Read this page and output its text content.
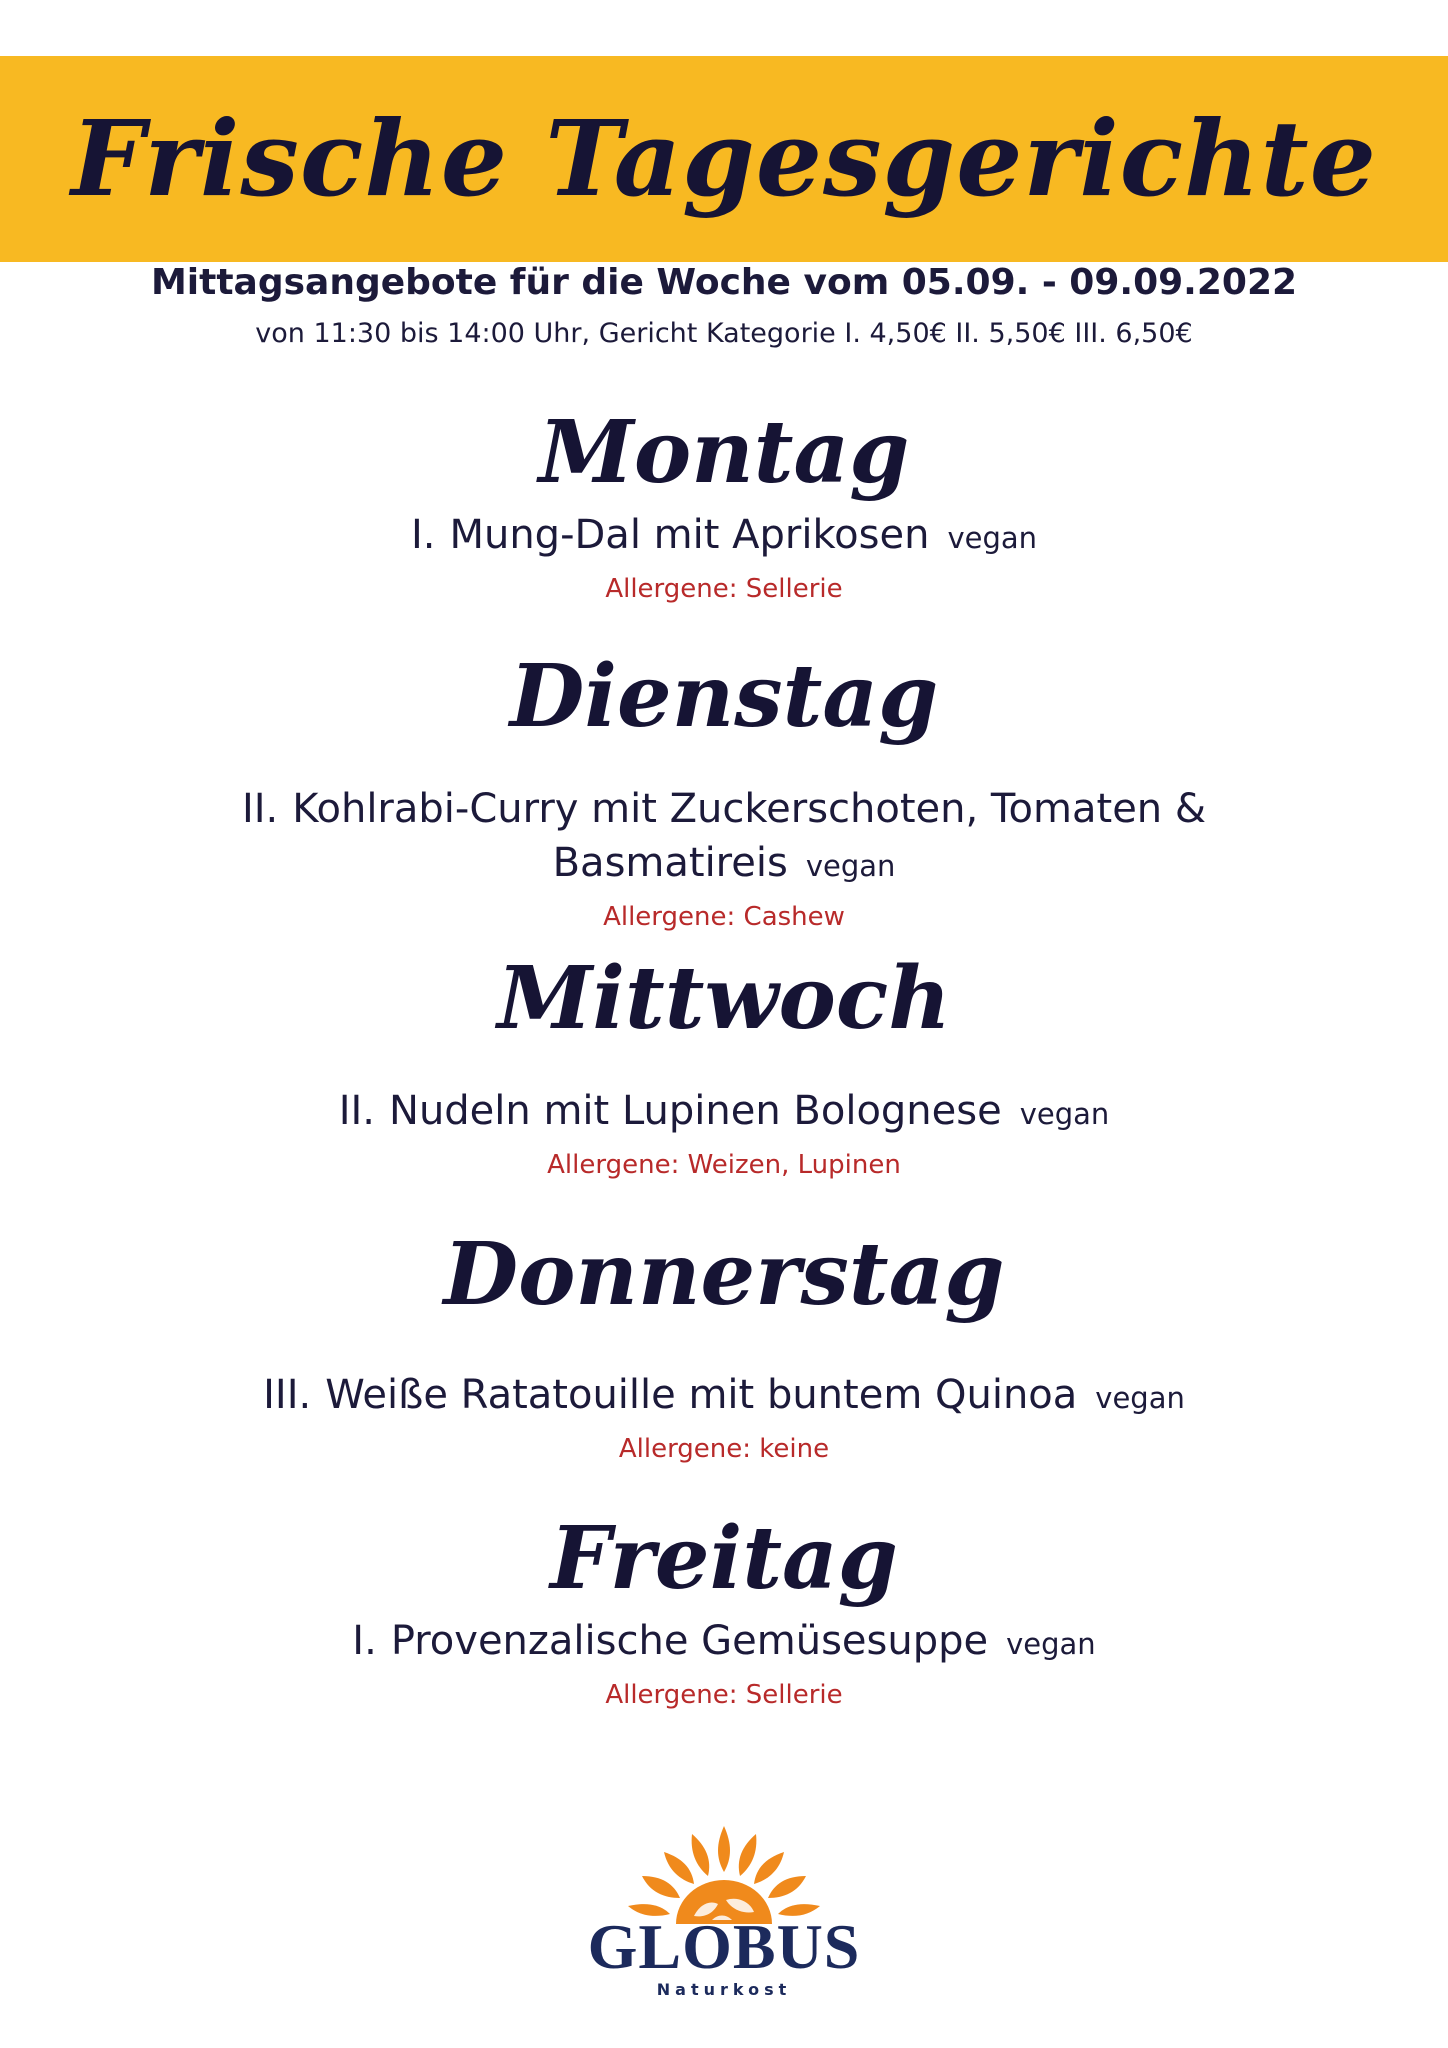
Frische Tagesgerichte

Mittagsangebote für die Woche vom 05.09. - 09.09.2022

von 11:30 bis 14:00 Uhr, Gericht Kategorie I. 4,50€ II. 5,50€ III. 6,50€

Montag

I. Mung-Dal mit Aprikosen vegan

Allergene: Sellerie

Dienstag

II. Kohlrabi-Curry mit Zuckerschoten, Tomaten &
Basmatireis vegan

Allergene: Cashew

Mittwoch

II. Nudeln mit Lupinen Bolognese vegan

Allergene: Weizen, Lupinen

Donnerstag

III. Weiße Ratatouille mit buntem Quinoa vegan

Allergene: keine

Freitag

I. Provenzalische Gemüsesuppe vegan

Allergene: Sellerie

GLOBUS
Naturkost
